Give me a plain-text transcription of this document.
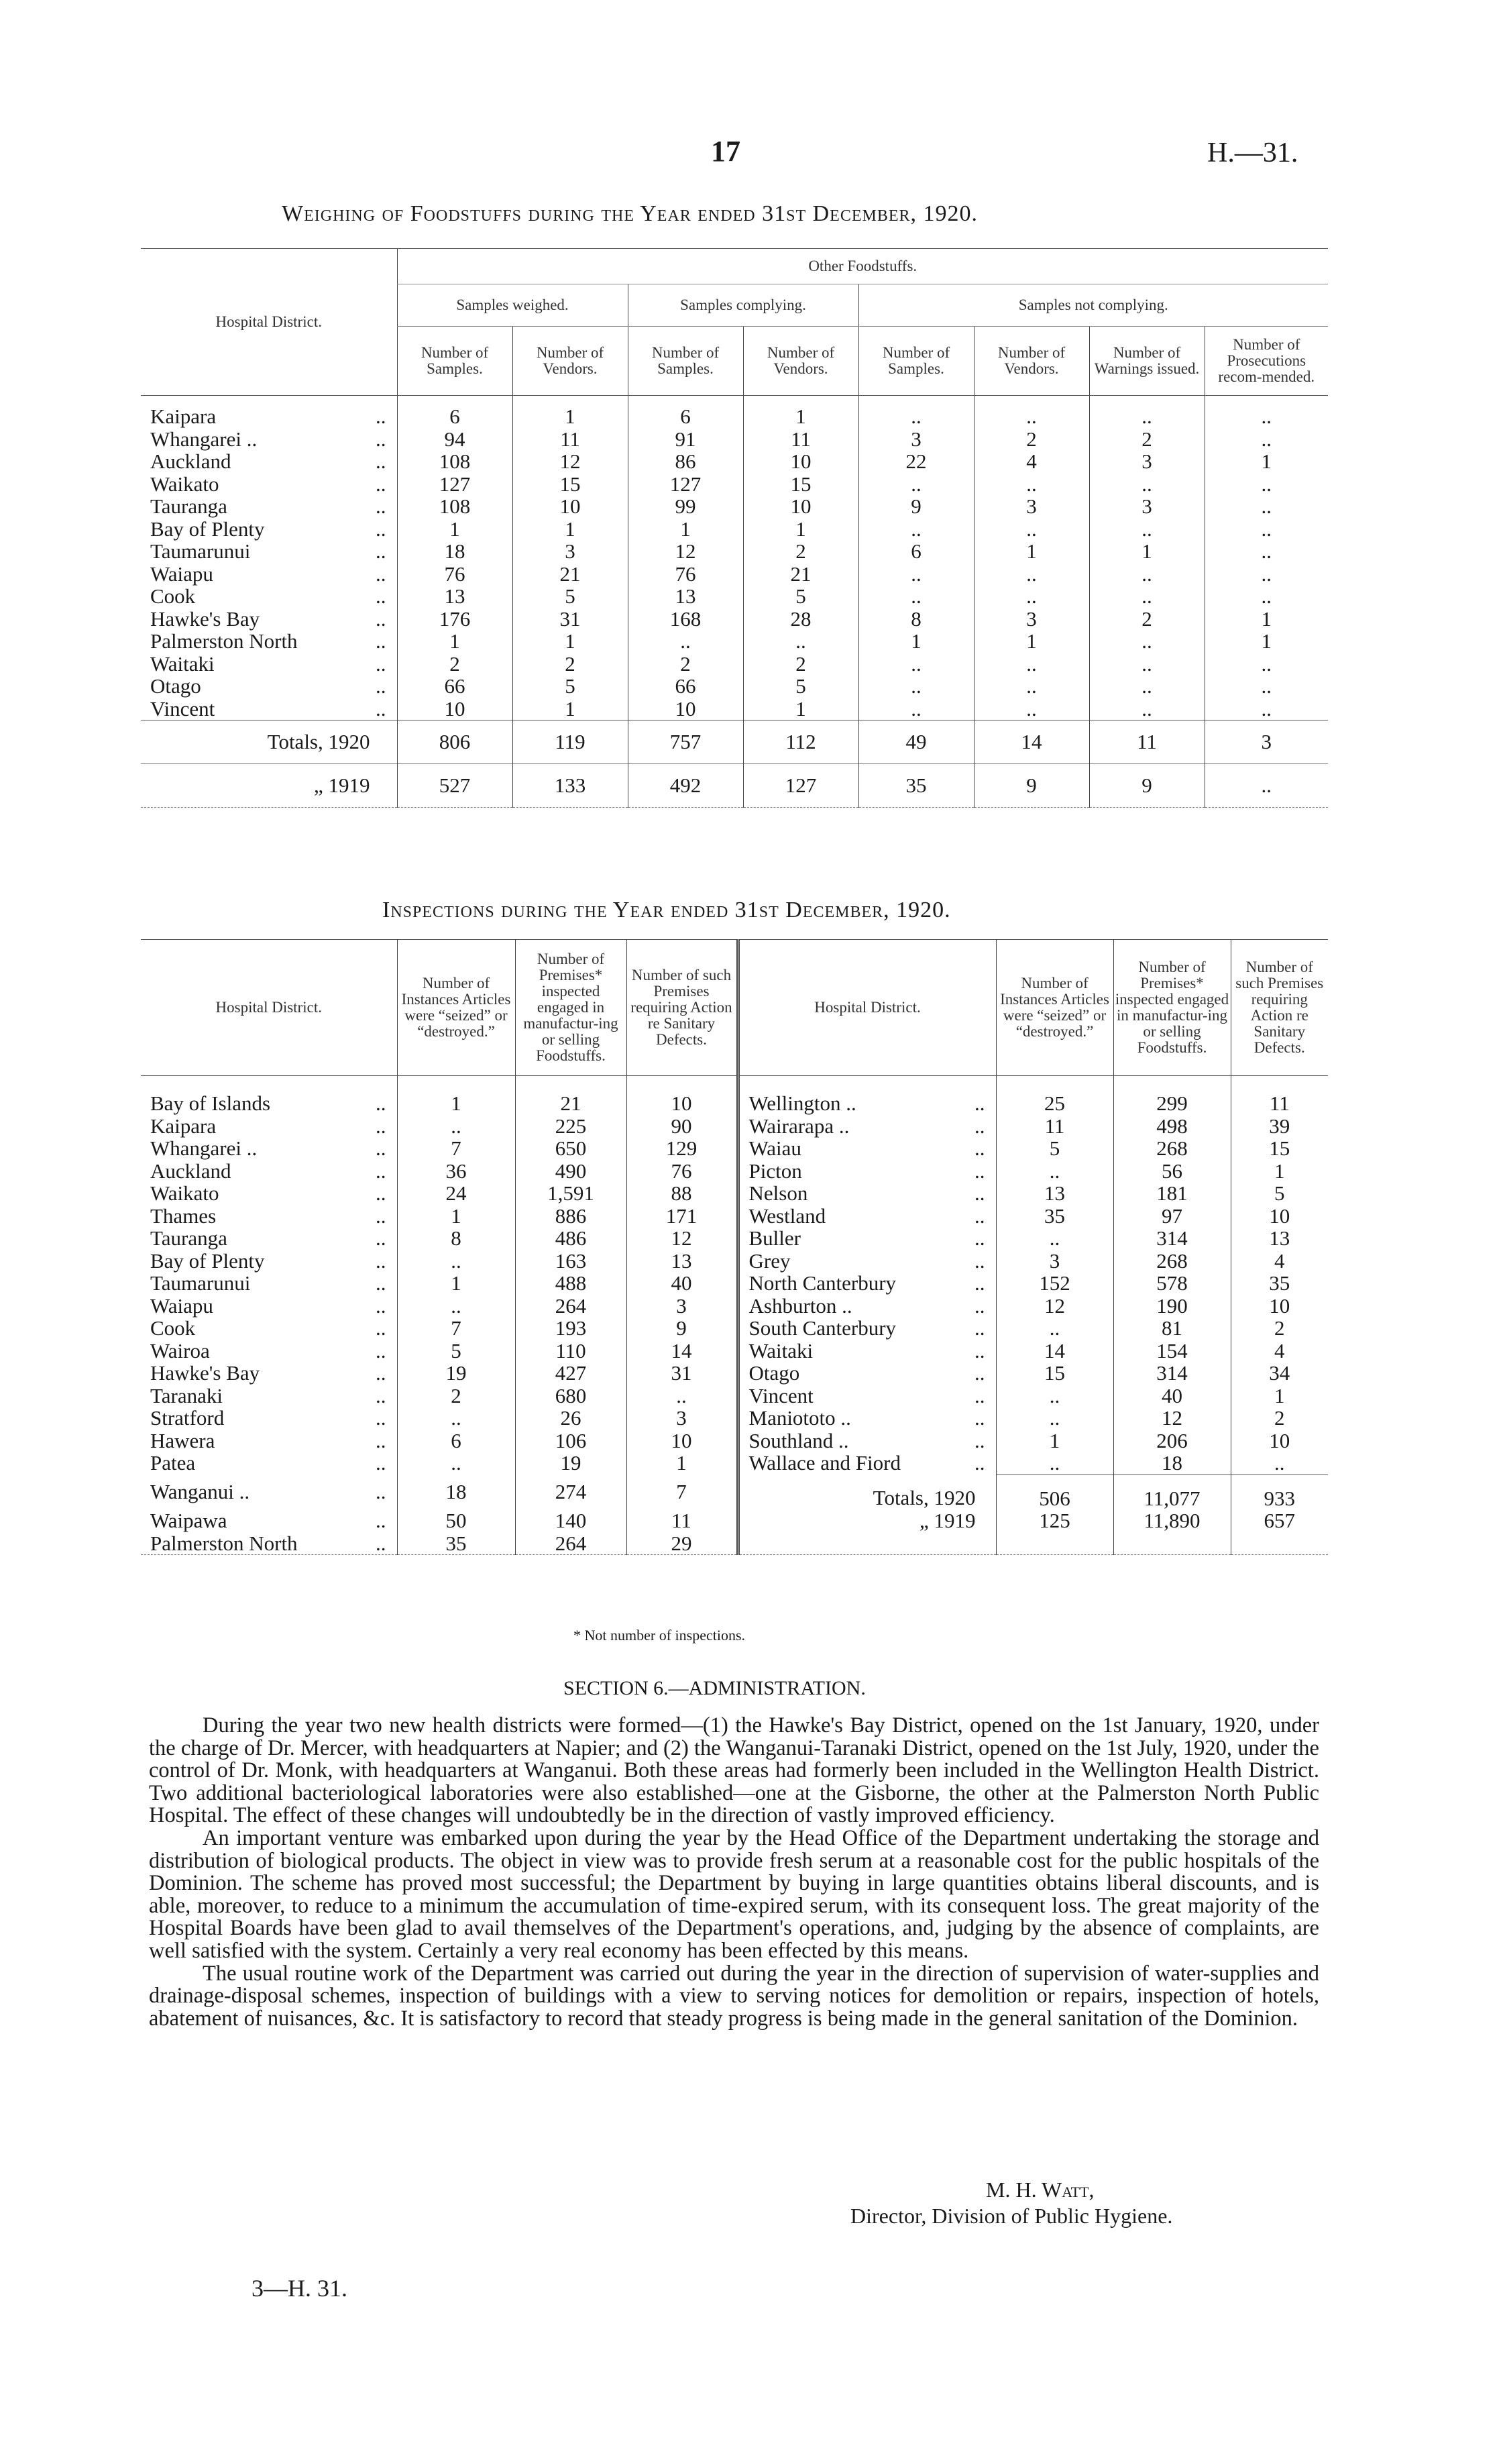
17	H.—31.
Weighing of Foodstuffs during the Year ended 31st December, 1920.
Hospital District.	Other Foodstuffs.							
	Samples weighed.		Samples complying.		Samples not complying.			
	Number of Samples.	Number of Vendors.	Number of Samples.	Number of Vendors.	Number of Samples.	Number of Vendors.	Number of Warnings issued.	Number of Prosecutions recom-mended.
Kaipara ..	6	1	6	1	..	..	..	..
Whangarei .. ..	94	11	91	11	3	2	2	..
Auckland ..	108	12	86	10	22	4	3	1
Waikato ..	127	15	127	15	..	..	..	..
Tauranga ..	108	10	99	10	9	3	3	..
Bay of Plenty ..	1	1	1	1	..	..	..	..
Taumarunui ..	18	3	12	2	6	1	1	..
Waiapu ..	76	21	76	21	..	..	..	..
Cook ..	13	5	13	5	..	..	..	..
Hawke's Bay ..	176	31	168	28	8	3	2	1
Palmerston North ..	1	1	..	..	1	1	..	1
Waitaki ..	2	2	2	2	..	..	..	..
Otago ..	66	5	66	5	..	..	..	..
Vincent ..	10	1	10	1	..	..	..	..
Totals, 1920	806	119	757	112	49	14	11	3
„ 1919	527	133	492	127	35	9	9	..

Inspections during the Year ended 31st December, 1920.
Hospital District.	Number of Instances Articles were “seized” or “destroyed.”	Number of Premises* inspected engaged in manufactur-ing or selling Foodstuffs.	Number of such Premises requiring Action re Sanitary Defects.	Hospital District.	Number of Instances Articles were “seized” or “destroyed.”	Number of Premises* inspected engaged in manufactur-ing or selling Foodstuffs.	Number of such Premises requiring Action re Sanitary Defects.
Bay of Islands ..	1	21	10	Wellington .. ..	25	299	11
Kaipara ..	..	225	90	Wairarapa .. ..	11	498	39
Whangarei .. ..	7	650	129	Waiau ..	5	268	15
Auckland ..	36	490	76	Picton ..	..	56	1
Waikato ..	24	1,591	88	Nelson ..	13	181	5
Thames ..	1	886	171	Westland ..	35	97	10
Tauranga ..	8	486	12	Buller ..	..	314	13
Bay of Plenty ..	..	163	13	Grey ..	3	268	4
Taumarunui ..	1	488	40	North Canterbury ..	152	578	35
Waiapu ..	..	264	3	Ashburton .. ..	12	190	10
Cook ..	7	193	9	South Canterbury ..	..	81	2
Wairoa ..	5	110	14	Waitaki ..	14	154	4
Hawke's Bay ..	19	427	31	Otago ..	15	314	34
Taranaki ..	2	680	..	Vincent ..	..	40	1
Stratford ..	..	26	3	Maniototo .. ..	..	12	2
Hawera ..	6	106	10	Southland .. ..	1	206	10
Patea ..	..	19	1	Wallace and Fiord ..	..	18	..
Wanganui .. ..	18	274	7	Totals, 1920	506	11,077	933
Waipawa ..	50	140	11	„ 1919	125	11,890	657
Palmerston North ..	35	264	29				

* Not number of inspections.
SECTION 6.—ADMINISTRATION.

During the year two new health districts were formed—(1) the Hawke's Bay District, opened on the 1st January, 1920, under the charge of Dr. Mercer, with headquarters at Napier; and (2) the Wanganui-Taranaki District, opened on the 1st July, 1920, under the control of Dr. Monk, with headquarters at Wanganui. Both these areas had formerly been included in the Wellington Health District. Two additional bacteriological laboratories were also established—one at the Gisborne, the other at the Palmerston North Public Hospital. The effect of these changes will undoubtedly be in the direction of vastly improved efficiency.

An important venture was embarked upon during the year by the Head Office of the Department undertaking the storage and distribution of biological products. The object in view was to provide fresh serum at a reasonable cost for the public hospitals of the Dominion. The scheme has proved most successful; the Department by buying in large quantities obtains liberal discounts, and is able, moreover, to reduce to a minimum the accumulation of time-expired serum, with its consequent loss. The great majority of the Hospital Boards have been glad to avail themselves of the Department's operations, and, judging by the absence of complaints, are well satisfied with the system. Certainly a very real economy has been effected by this means.

The usual routine work of the Department was carried out during the year in the direction of supervision of water-supplies and drainage-disposal schemes, inspection of buildings with a view to serving notices for demolition or repairs, inspection of hotels, abatement of nuisances, &c. It is satisfactory to record that steady progress is being made in the general sanitation of the Dominion.

M. H. Watt,
Director, Division of Public Hygiene.
3—H. 31.
